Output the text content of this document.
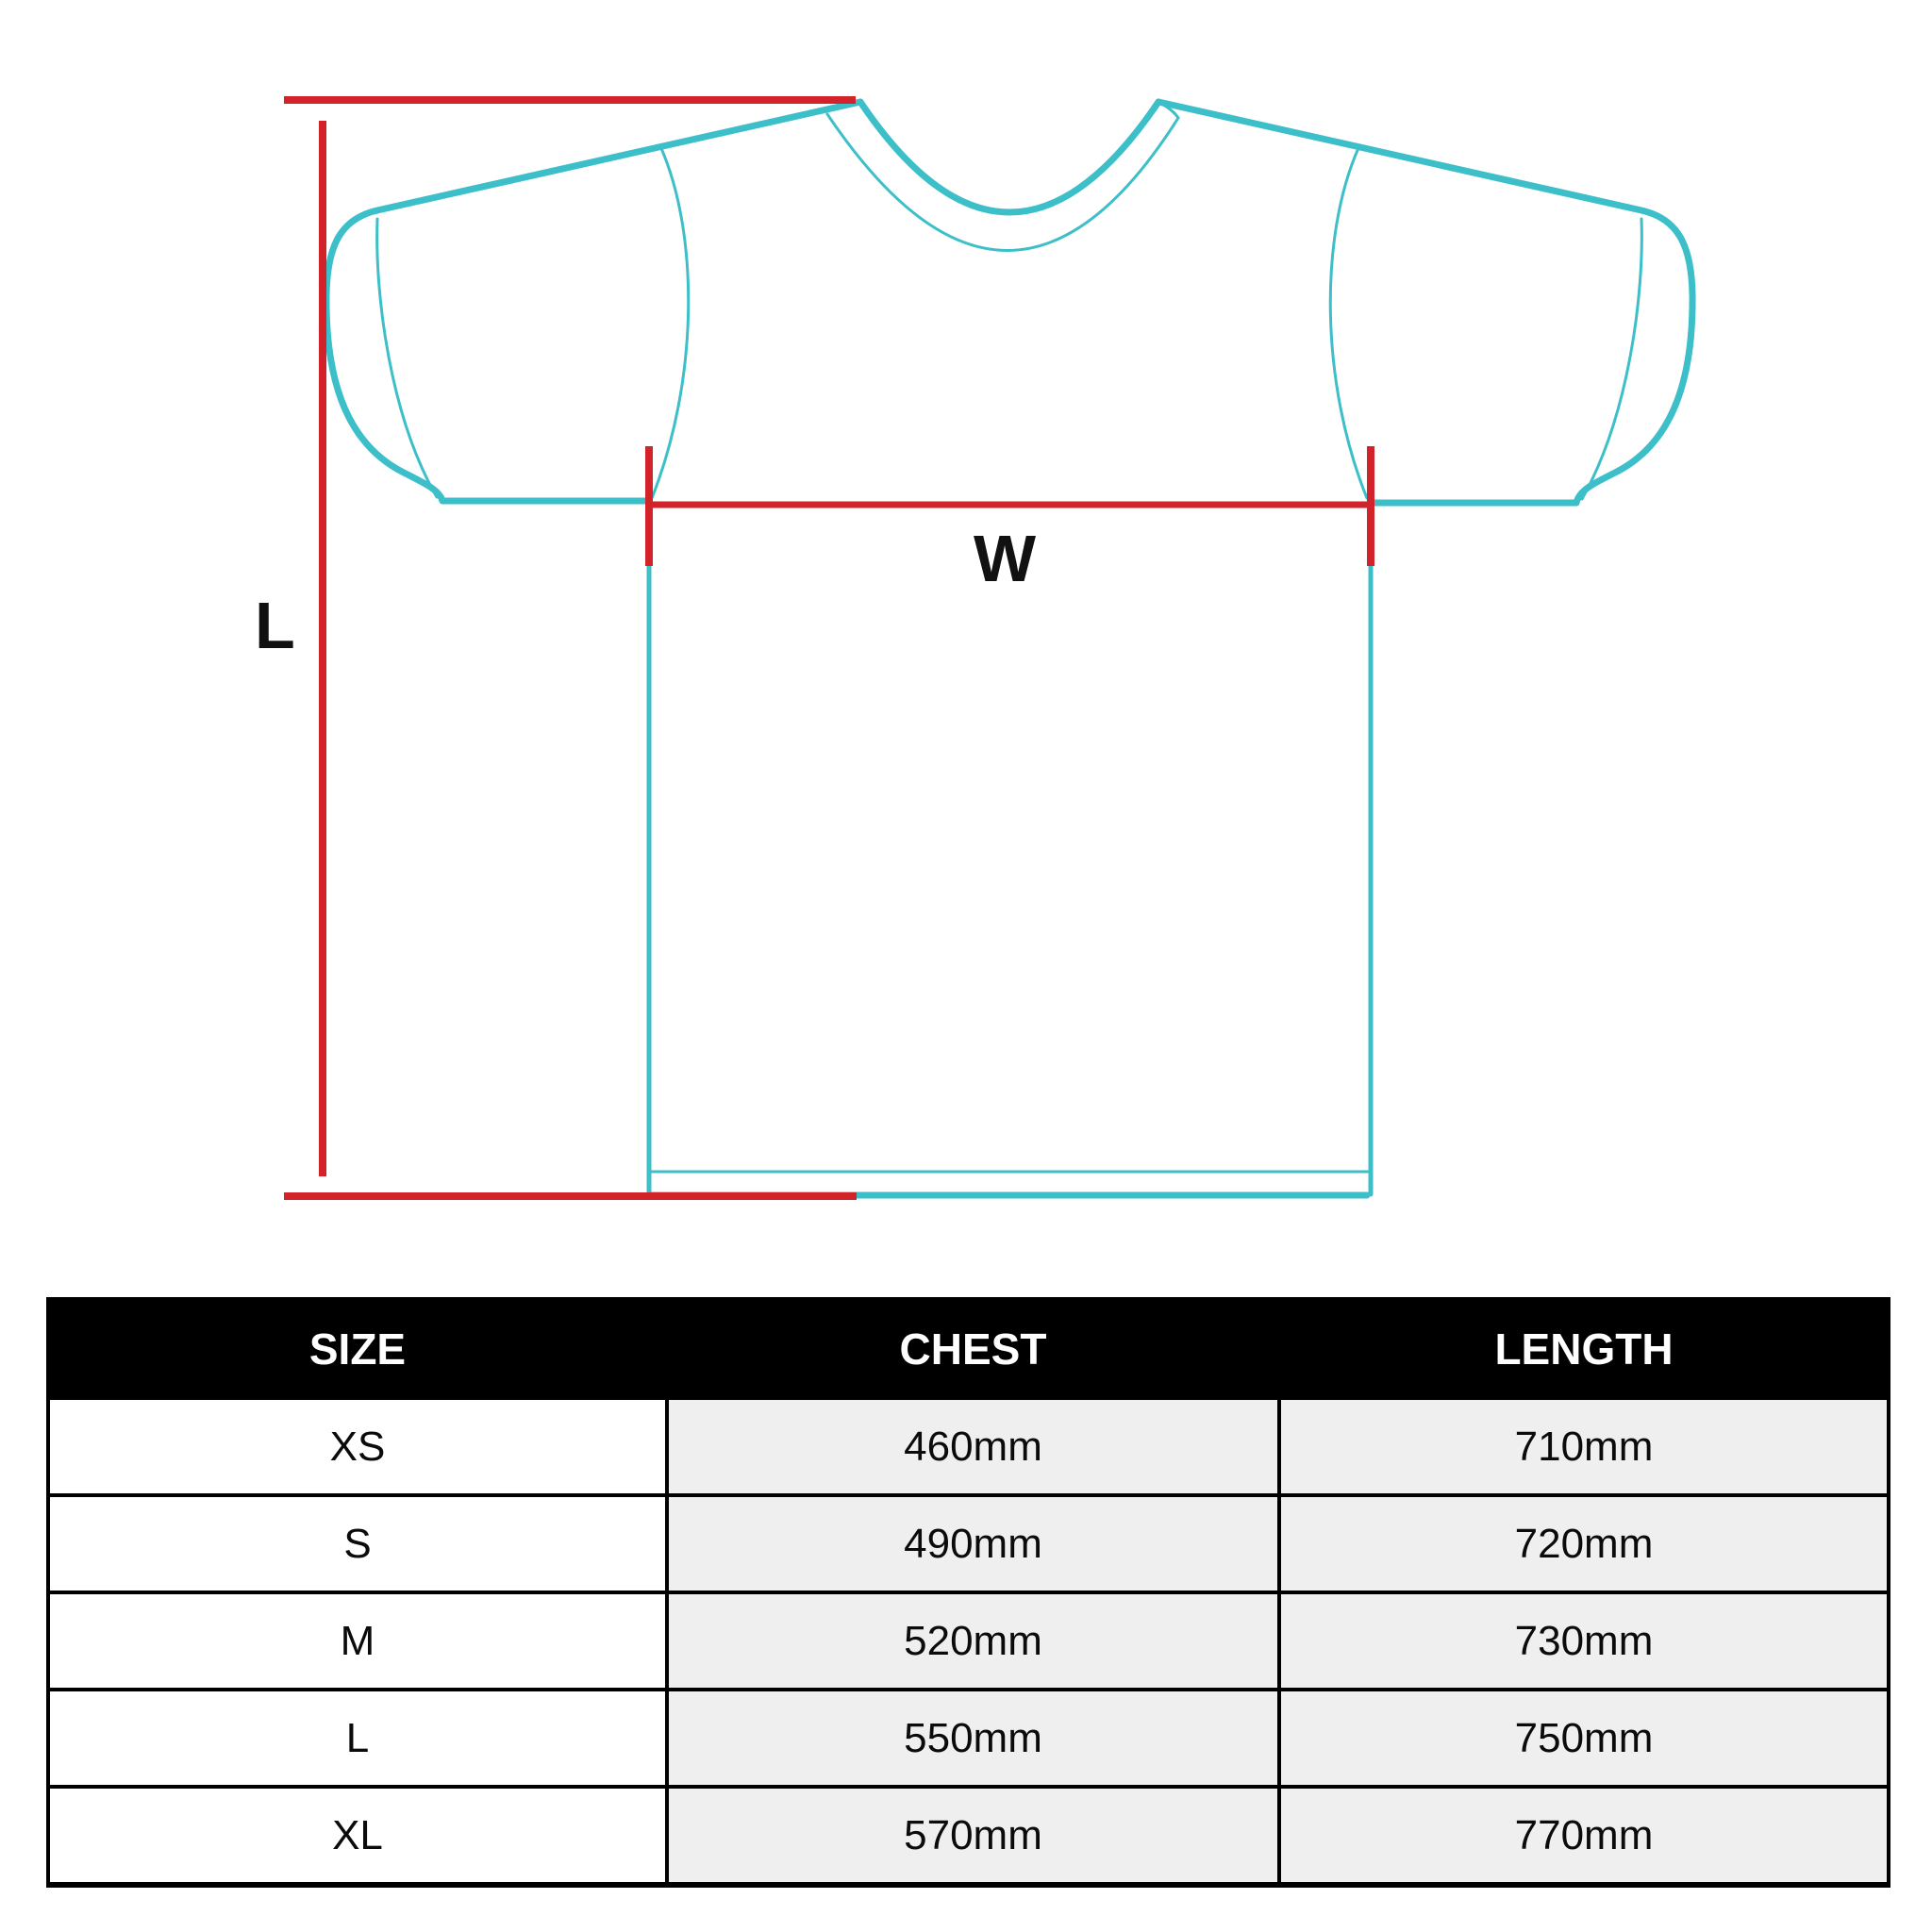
L
W
SIZE	CHEST	LENGTH
XS	460mm	710mm
S	490mm	720mm
M	520mm	730mm
L	550mm	750mm
XL	570mm	770mm
